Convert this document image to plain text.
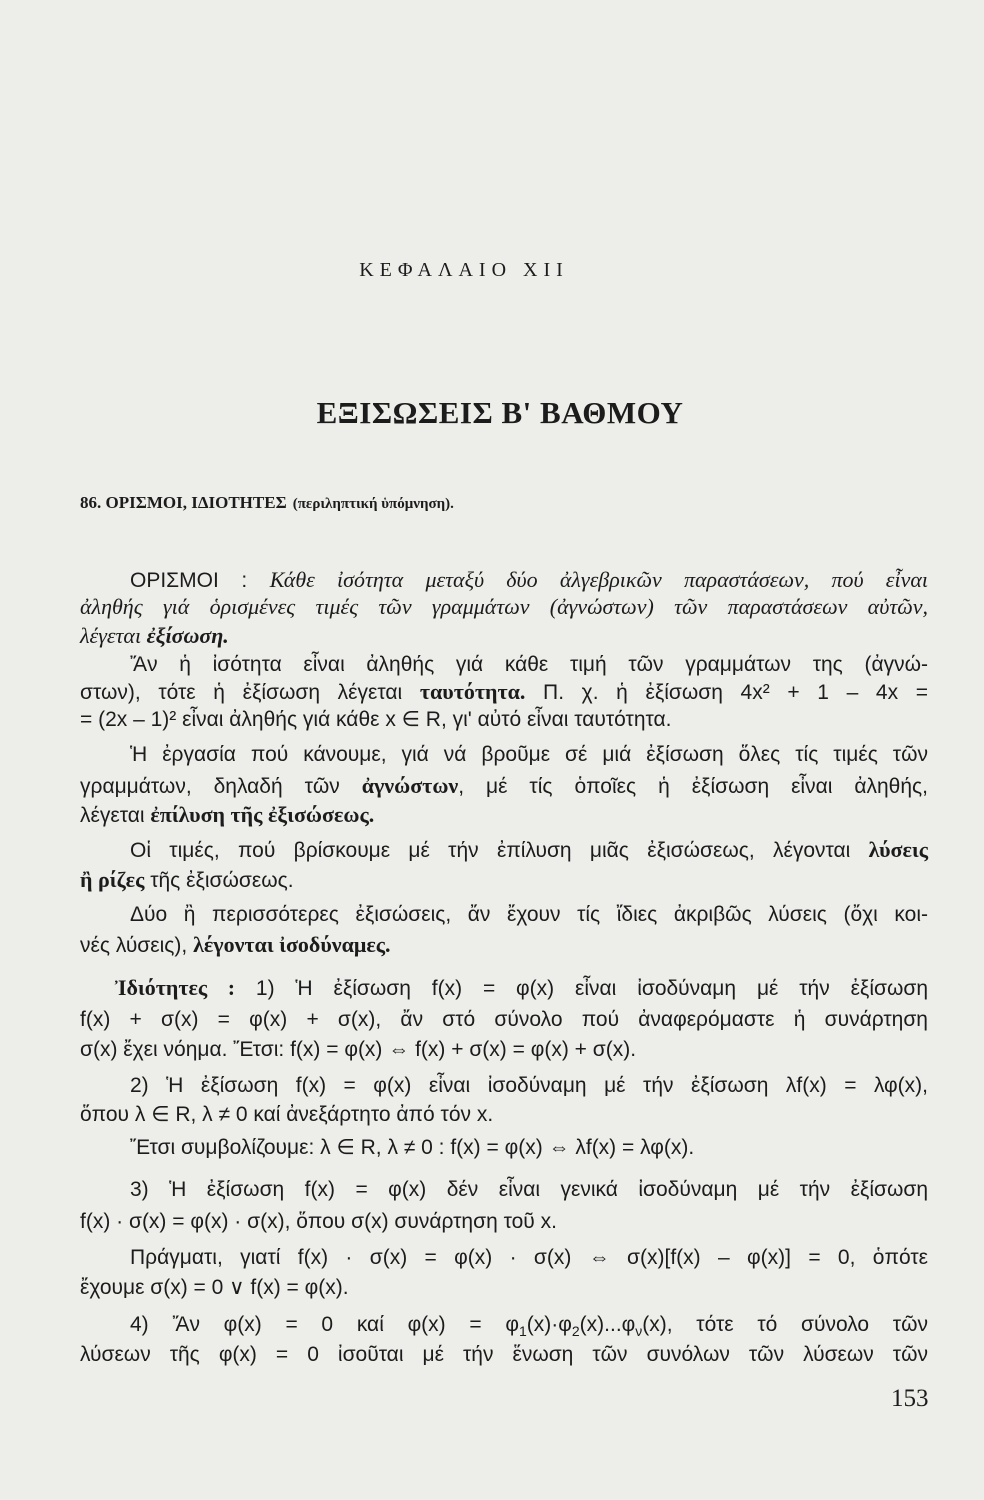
ΚΕΦΑΛΑΙΟ XII
ΕΞΙΣΩΣΕΙΣ Β' ΒΑΘΜΟΥ
86. ΟΡΙΣΜΟΙ, ΙΔΙΟΤΗΤΕΣ (περιληπτική ὑπόμνηση).
ΟΡΙΣΜΟΙ : Κάθε ἰσότητα μεταξύ δύο ἀλγεβρικῶν παραστάσεων, πού εἶναι
ἀληθής γιά ὁρισμένες τιμές τῶν γραμμάτων (ἀγνώστων) τῶν παραστάσεων αὐτῶν,
λέγεται ἐξίσωση.
Ἄν ἡ ἰσότητα εἶναι ἀληθής γιά κάθε τιμή τῶν γραμμάτων της (ἀγνώ-
στων), τότε ἡ ἐξίσωση λέγεται ταυτότητα. Π. χ. ἡ ἐξίσωση 4x² + 1 – 4x =
= (2x – 1)² εἶναι ἀληθής γιά κάθε x ∈ R, γι' αὐτό εἶναι ταυτότητα.
Ἡ ἐργασία πού κάνουμε, γιά νά βροῦμε σέ μιά ἐξίσωση ὅλες τίς τιμές τῶν
γραμμάτων, δηλαδή τῶν ἀγνώστων, μέ τίς ὁποῖες ἡ ἐξίσωση εἶναι ἀληθής,
λέγεται ἐπίλυση τῆς ἐξισώσεως.
Οἱ τιμές, πού βρίσκουμε μέ τήν ἐπίλυση μιᾶς ἐξισώσεως, λέγονται λύσεις
ἢ ρίζες τῆς ἐξισώσεως.
Δύο ἢ περισσότερες ἐξισώσεις, ἄν ἔχουν τίς ἴδιες ἀκριβῶς λύσεις (ὄχι κοι-
νές λύσεις), λέγονται ἰσοδύναμες.
Ἰδιότητες : 1) Ἡ ἐξίσωση f(x) = φ(x) εἶναι ἰσοδύναμη μέ τήν ἐξίσωση
f(x) + σ(x) = φ(x) + σ(x), ἄν στό σύνολο πού ἀναφερόμαστε ἡ συνάρτηση
σ(x) ἔχει νόημα. Ἔτσι: f(x) = φ(x) ⇔ f(x) + σ(x) = φ(x) + σ(x).
2) Ἡ ἐξίσωση f(x) = φ(x) εἶναι ἰσοδύναμη μέ τήν ἐξίσωση λf(x) = λφ(x),
ὅπου λ ∈ R, λ ≠ 0 καί ἀνεξάρτητο ἀπό τόν x.
Ἔτσι συμβολίζουμε: λ ∈ R, λ ≠ 0 : f(x) = φ(x) ⇔ λf(x) = λφ(x).
3) Ἡ ἐξίσωση f(x) = φ(x) δέν εἶναι γενικά ἰσοδύναμη μέ τήν ἐξίσωση
f(x) · σ(x) = φ(x) · σ(x), ὅπου σ(x) συνάρτηση τοῦ x.
Πράγματι, γιατί f(x) · σ(x) = φ(x) · σ(x) ⇔ σ(x)[f(x) – φ(x)] = 0, ὁπότε
ἔχουμε σ(x) = 0 ∨ f(x) = φ(x).
4) Ἄν φ(x) = 0 καί $\varphi(x) = \varphi_1(x)\cdot\varphi_2(x)...\varphi_\nu(x)$, τότε τό σύνολο τῶν
λύσεων τῆς φ(x) = 0 ἰσοῦται μέ τήν ἕνωση τῶν συνόλων τῶν λύσεων τῶν
153
